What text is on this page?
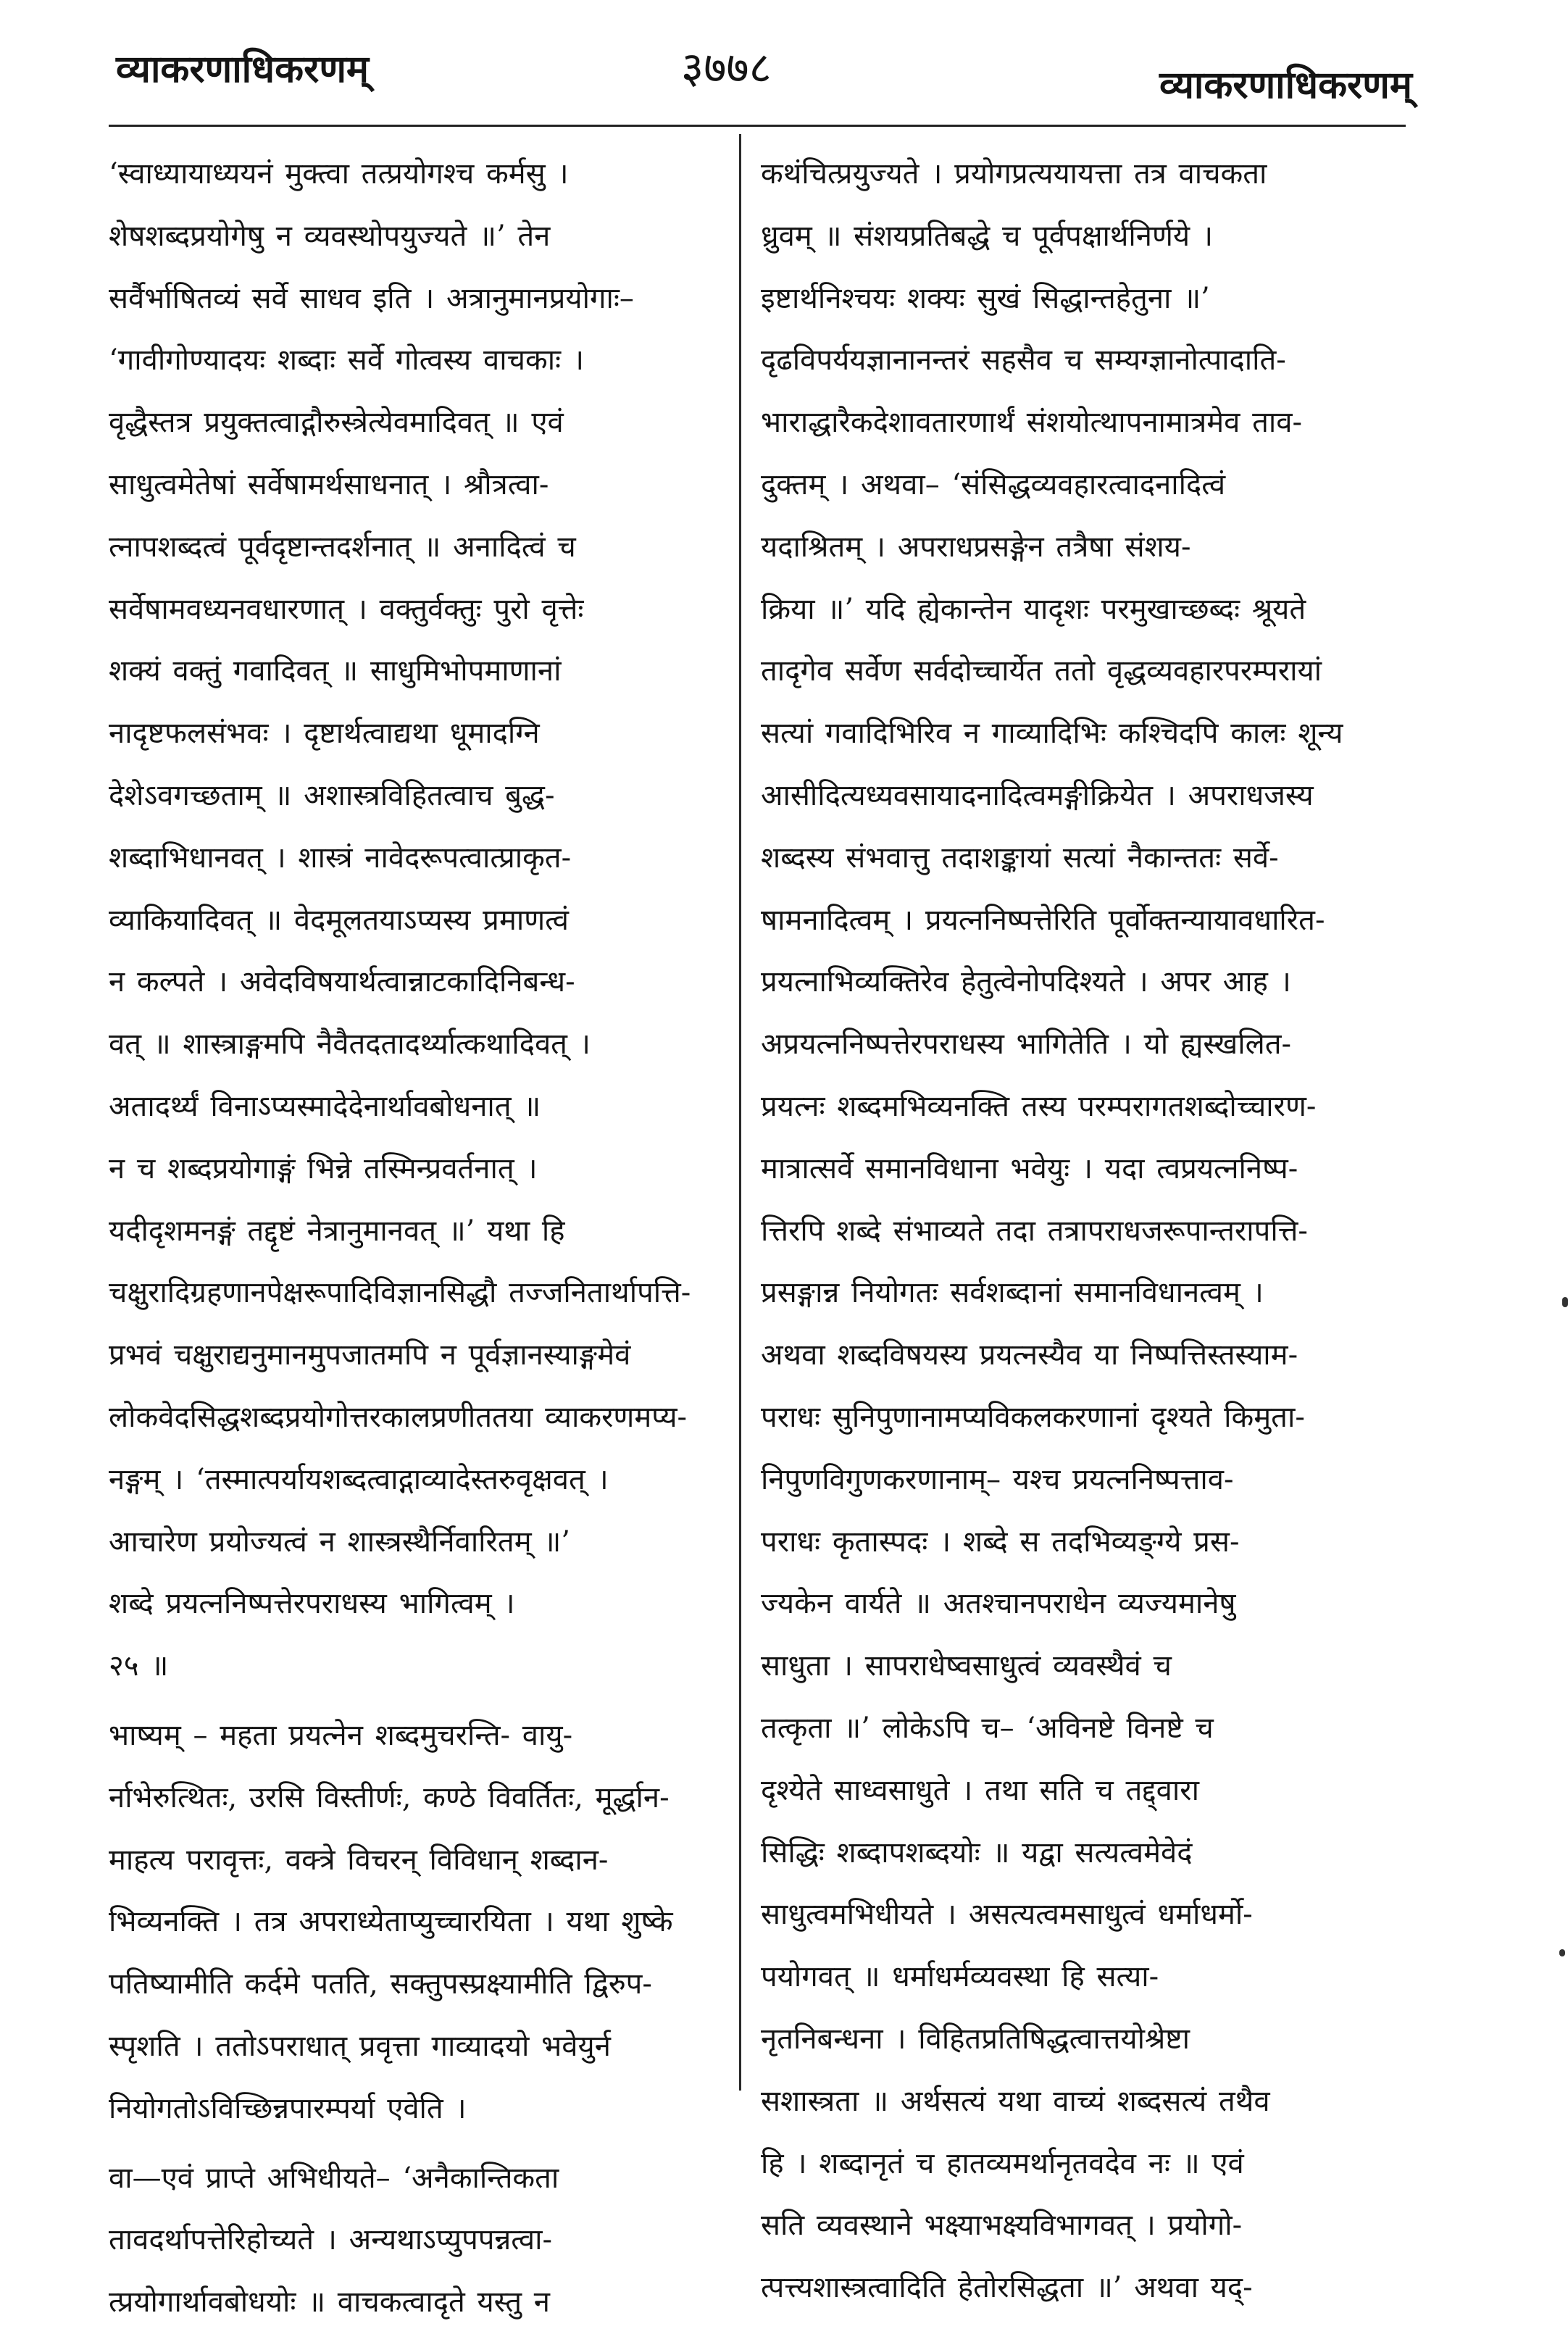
व्याकरणाधिकरणम्	३७७८	व्याकरणाधिकरणम्
‘स्वाध्यायाध्ययनं मुक्त्वा तत्प्रयोगश्च कर्मसु ।
शेषशब्दप्रयोगेषु न व्यवस्थोपयुज्यते ॥’ तेन
सर्वैर्भाषितव्यं सर्वे साधव इति । अत्रानुमानप्रयोगाः–
‘गावीगोण्यादयः शब्दाः सर्वे गोत्वस्य वाचकाः ।
वृद्धैस्तत्र प्रयुक्तत्वाद्गौरुस्त्रेत्येवमादिवत् ॥ एवं
साधुत्वमेतेषां सर्वेषामर्थसाधनात् । श्रौत्रत्वा-
त्नापशब्दत्वं पूर्वदृष्टान्तदर्शनात् ॥ अनादित्वं च
सर्वेषामवध्यनवधारणात् । वक्तुर्वक्तुः पुरो वृत्तेः
शक्यं वक्तुं गवादिवत् ॥ साधुमिभोपमाणानां
नादृष्टफलसंभवः । दृष्टार्थत्वाद्यथा धूमादग्नि
देशेऽवगच्छताम् ॥ अशास्त्रविहितत्वाच बुद्ध-
शब्दाभिधानवत् । शास्त्रं नावेदरूपत्वात्प्राकृत-
व्याकियादिवत् ॥ वेदमूलतयाऽप्यस्य प्रमाणत्वं
न कल्पते । अवेदविषयार्थत्वान्नाटकादिनिबन्ध-
वत् ॥ शास्त्राङ्गमपि नैवैतदतादर्थ्यात्कथादिवत् ।
अतादर्थ्यं विनाऽप्यस्मादेदेनार्थावबोधनात् ॥
न च शब्दप्रयोगाङ्गं भिन्ने तस्मिन्प्रवर्तनात् ।
यदीदृशमनङ्गं तद्दृष्टं नेत्रानुमानवत् ॥’ यथा हि
चक्षुरादिग्रहणानपेक्षरूपादिविज्ञानसिद्धौ तज्जनितार्थापत्ति-
प्रभवं चक्षुराद्यनुमानमुपजातमपि न पूर्वज्ञानस्याङ्गमेवं
लोकवेदसिद्धशब्दप्रयोगोत्तरकालप्रणीततया व्याकरणमप्य-
नङ्गम् । ‘तस्मात्पर्यायशब्दत्वाद्गाव्यादेस्तरुवृक्षवत् ।
आचारेण प्रयोज्यत्वं न शास्त्रस्थैर्निवारितम् ॥’
शब्दे प्रयत्ननिष्पत्तेरपराधस्य भागित्वम् ।
२५ ॥
भाष्यम् – महता प्रयत्नेन शब्दमुचरन्ति- वायु-
र्नाभेरुत्थितः, उरसि विस्तीर्णः, कण्ठे विवर्तितः, मूर्द्धान-
माहत्य परावृत्तः, वक्त्रे विचरन् विविधान् शब्दान-
भिव्यनक्ति । तत्र अपराध्येताप्युच्चारयिता । यथा शुष्के
पतिष्यामीति कर्दमे पतति, सक्तुपस्प्रक्ष्यामीति द्विरुप-
स्पृशति । ततोऽपराधात् प्रवृत्ता गाव्यादयो भवेयुर्न
नियोगतोऽविच्छिन्नपारम्पर्या एवेति ।
वा—एवं प्राप्ते अभिधीयते– ‘अनैकान्तिकता
तावदर्थापत्तेरिहोच्यते । अन्यथाऽप्युपपन्नत्वा-
त्प्रयोगार्थावबोधयोः ॥ वाचकत्वादृते यस्तु न
कथंचित्प्रयुज्यते । प्रयोगप्रत्ययायत्ता तत्र वाचकता
ध्रुवम् ॥ संशयप्रतिबद्धे च पूर्वपक्षार्थनिर्णये ।
इष्टार्थनिश्चयः शक्यः सुखं सिद्धान्तहेतुना ॥’
दृढविपर्ययज्ञानानन्तरं सहसैव च सम्यग्ज्ञानोत्पादाति-
भाराद्धारैकदेशावतारणार्थं संशयोत्थापनामात्रमेव ताव-
दुक्तम् । अथवा– ‘संसिद्धव्यवहारत्वादनादित्वं
यदाश्रितम् । अपराधप्रसङ्गेन तत्रैषा संशय-
क्रिया ॥’ यदि ह्येकान्तेन यादृशः परमुखाच्छब्दः श्रूयते
तादृगेव सर्वेण सर्वदोच्चार्येत ततो वृद्धव्यवहारपरम्परायां
सत्यां गवादिभिरिव न गाव्यादिभिः कश्चिदपि कालः शून्य
आसीदित्यध्यवसायादनादित्वमङ्गीक्रियेत । अपराधजस्य
शब्दस्य संभवात्तु तदाशङ्कायां सत्यां नैकान्ततः सर्वे-
षामनादित्वम् । प्रयत्ननिष्पत्तेरिति पूर्वोक्तन्यायावधारित-
प्रयत्नाभिव्यक्तिरेव हेतुत्वेनोपदिश्यते । अपर आह ।
अप्रयत्ननिष्पत्तेरपराधस्य भागितेति । यो ह्यस्खलित-
प्रयत्नः शब्दमभिव्यनक्ति तस्य परम्परागतशब्दोच्चारण-
मात्रात्सर्वे समानविधाना भवेयुः । यदा त्वप्रयत्ननिष्प-
त्तिरपि शब्दे संभाव्यते तदा तत्रापराधजरूपान्तरापत्ति-
प्रसङ्गान्न नियोगतः सर्वशब्दानां समानविधानत्वम् ।
अथवा शब्दविषयस्य प्रयत्नस्यैव या निष्पत्तिस्तस्याम-
पराधः सुनिपुणानामप्यविकलकरणानां दृश्यते किमुता-
निपुणविगुणकरणानाम्– यश्च प्रयत्ननिष्पत्ताव-
पराधः कृतास्पदः । शब्दे स तदभिव्यङ्ग्ये प्रस-
ज्यकेन वार्यते ॥ अतश्चानपराधेन व्यज्यमानेषु
साधुता । सापराधेष्वसाधुत्वं व्यवस्थैवं च
तत्कृता ॥’ लोकेऽपि च– ‘अविनष्टे विनष्टे च
दृश्येते साध्वसाधुते । तथा सति च तद्द्वारा
सिद्धिः शब्दापशब्दयोः ॥ यद्वा सत्यत्वमेवेदं
साधुत्वमभिधीयते । असत्यत्वमसाधुत्वं धर्माधर्मो-
पयोगवत् ॥ धर्माधर्मव्यवस्था हि सत्या-
नृतनिबन्धना । विहितप्रतिषिद्धत्वात्तयोश्रेष्टा
सशास्त्रता ॥ अर्थसत्यं यथा वाच्यं शब्दसत्यं तथैव
हि । शब्दानृतं च हातव्यमर्थानृतवदेव नः ॥ एवं
सति व्यवस्थाने भक्ष्याभक्ष्यविभागवत् । प्रयोगो-
त्पत्त्यशास्त्रत्वादिति हेतोरसिद्धता ॥’ अथवा यद्-
